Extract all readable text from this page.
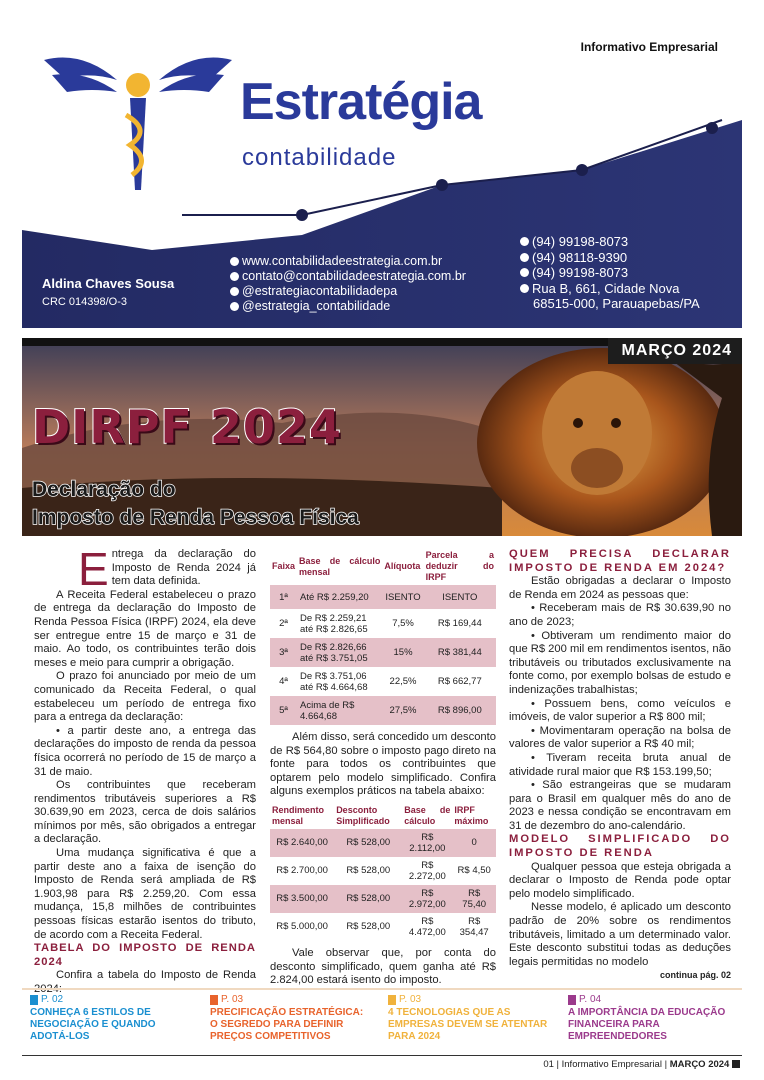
Informativo Empresarial
Estratégia
contabilidade
Aldina Chaves Sousa
CRC 014398/O-3
www.contabilidadeestrategia.com.br
contato@contabilidadeestrategia.com.br
@estrategiacontabilidadepa
@estrategia_contabilidade
(94) 99198-8073
(94) 98118-9390
(94) 99198-8073
Rua B, 661, Cidade Nova
68515-000, Parauapebas/PA
MARÇO 2024
DIRPF 2024
Declaração do
Imposto de Renda Pessoa Física

Entrega da declaração do Imposto de Renda 2024 já tem data definida.

A Receita Federal estabeleceu o prazo de entrega da declaração do Imposto de Renda Pessoa Física (IRPF) 2024, ela deve ser entregue entre 15 de março e 31 de maio. Ao todo, os contribuintes terão dois meses e meio para cumprir a obrigação.

O prazo foi anunciado por meio de um comunicado da Receita Federal, o qual estabeleceu um período de entrega fixo para a entrega da declaração:

• a partir deste ano, a entrega das declarações do imposto de renda da pessoa física ocorrerá no período de 15 de março a 31 de maio.

Os contribuintes que receberam rendimentos tributáveis superiores a R$ 30.639,90 em 2023, cerca de dois salários mínimos por mês, são obrigados a entregar a declaração.

Uma mudança significativa é que a partir deste ano a faixa de isenção do Imposto de Renda será ampliada de R$ 1.903,98 para R$ 2.259,20. Com essa mudança, 15,8 milhões de contribuintes pessoas físicas estarão isentos do tributo, de acordo com a Receita Federal.

TABELA DO IMPOSTO DE RENDA 2024

Confira a tabela do Imposto de Renda

Faixa	Base de cálculo mensal	Alíquota	Parcela a deduzir do IRPF
1ª	Até R$ 2.259,20	ISENTO	ISENTO
2ª	De R$ 2.259,21 até R$ 2.826,65	7,5%	R$ 169,44
3ª	De R$ 2.826,66 até R$ 3.751,05	15%	R$ 381,44
4ª	De R$ 3.751,06 até R$ 4.664,68	22,5%	R$ 662,77
5ª	Acima de R$ 4.664,68	27,5%	R$ 896,00

Além disso, será concedido um desconto de R$ 564,80 sobre o imposto pago direto na fonte para todos os contribuintes que optarem pelo modelo simplificado. Confira alguns exemplos práticos na tabela abaixo:

Rendimento mensal	Desconto Simplificado	Base de cálculo	IRPF máximo
R$ 2.640,00	R$ 528,00	R$ 2.112,00	0
R$ 2.700,00	R$ 528,00	R$ 2.272,00	R$ 4,50
R$ 3.500,00	R$ 528,00	R$ 2.972,00	R$ 75,40
R$ 5.000,00	R$ 528,00	R$ 4.472,00	R$ 354,47

Vale observar que, por conta do desconto simplificado, quem ganha até R$ 2.824,00 estará isento do imposto.

QUEM PRECISA DECLARAR IMPOSTO DE RENDA EM 2024?

Estão obrigadas a declarar o Imposto de Renda em 2024 as pessoas que:

• Receberam mais de R$ 30.639,90 no ano de 2023;

• Obtiveram um rendimento maior do que R$ 200 mil em rendimentos isentos, não tributáveis ou tributados exclusivamente na fonte como, por exemplo bolsas de estudo e indenizações trabalhistas;

• Possuem bens, como veículos e imóveis, de valor superior a R$ 800 mil;

• Movimentaram operação na bolsa de valores de valor superior a R$ 40 mil;

• Tiveram receita bruta anual de atividade rural maior que R$ 153.199,50;

• São estrangeiras que se mudaram para o Brasil em qualquer mês do ano de 2023 e nessa condição se encontravam em 31 de dezembro do ano-calendário.

MODELO SIMPLIFICADO DO IMPOSTO DE RENDA

Qualquer pessoa que esteja obrigada a declarar o Imposto de Renda pode optar pelo modelo simplificado.

Nesse modelo, é aplicado um desconto padrão de 20% sobre os rendimentos tributáveis, limitado a um determinado valor. Este desconto substitui todas as deduções legais permitidas no modelo

continua pág. 02

P. 02
CONHEÇA 6 ESTILOS DE NEGOCIAÇÃO E QUANDO ADOTÁ-LOS
P. 03
PRECIFICAÇÃO ESTRATÉGICA: O SEGREDO PARA DEFINIR PREÇOS COMPETITIVOS
P. 03
4 TECNOLOGIAS QUE AS EMPRESAS DEVEM SE ATENTAR PARA 2024
P. 04
A IMPORTÂNCIA DA EDUCAÇÃO FINANCEIRA PARA EMPREENDEDORES
01 | Informativo Empresarial | MARÇO 2024
